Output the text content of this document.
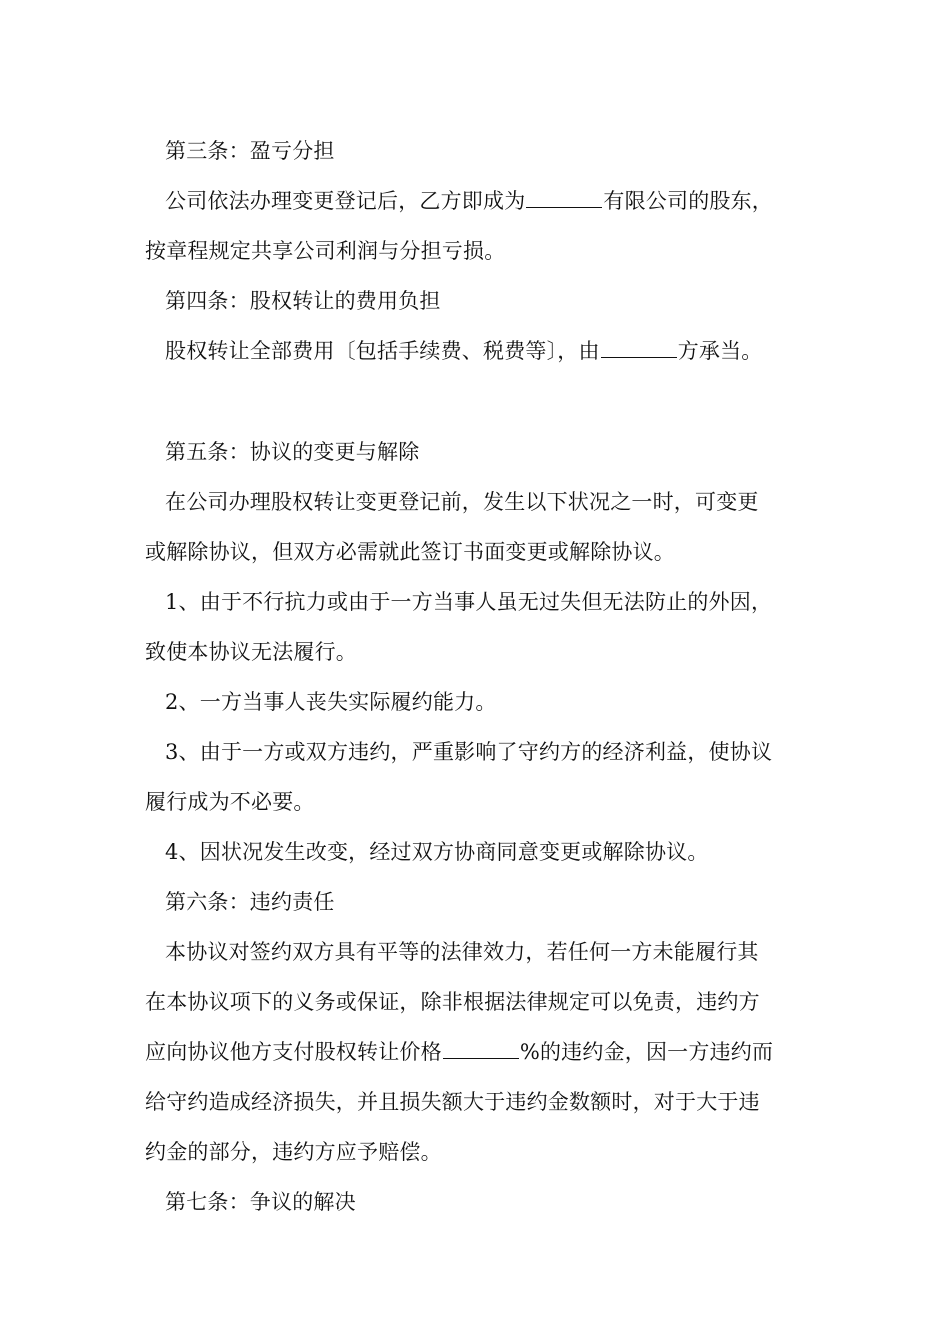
第三条：盈亏分担
公司依法办理变更登记后，乙方即成为	有限公司的股东，
按章程规定共享公司利润与分担亏损。
第四条：股权转让的费用负担
股权转让全部费用〔包括手续费、税费等〕，由	方承当。
第五条：协议的变更与解除
在公司办理股权转让变更登记前，发生以下状况之一时，可变更
或解除协议，但双方必需就此签订书面变更或解除协议。
1、由于不行抗力或由于一方当事人虽无过失但无法防止的外因，
致使本协议无法履行。
2、一方当事人丧失实际履约能力。
3、由于一方或双方违约，严重影响了守约方的经济利益，使协议
履行成为不必要。
4、因状况发生改变，经过双方协商同意变更或解除协议。
第六条：违约责任
本协议对签约双方具有平等的法律效力，若任何一方未能履行其
在本协议项下的义务或保证，除非根据法律规定可以免责，违约方
应向协议他方支付股权转让价格	%的违约金，因一方违约而
给守约造成经济损失，并且损失额大于违约金数额时，对于大于违
约金的部分，违约方应予赔偿。
第七条：争议的解决
